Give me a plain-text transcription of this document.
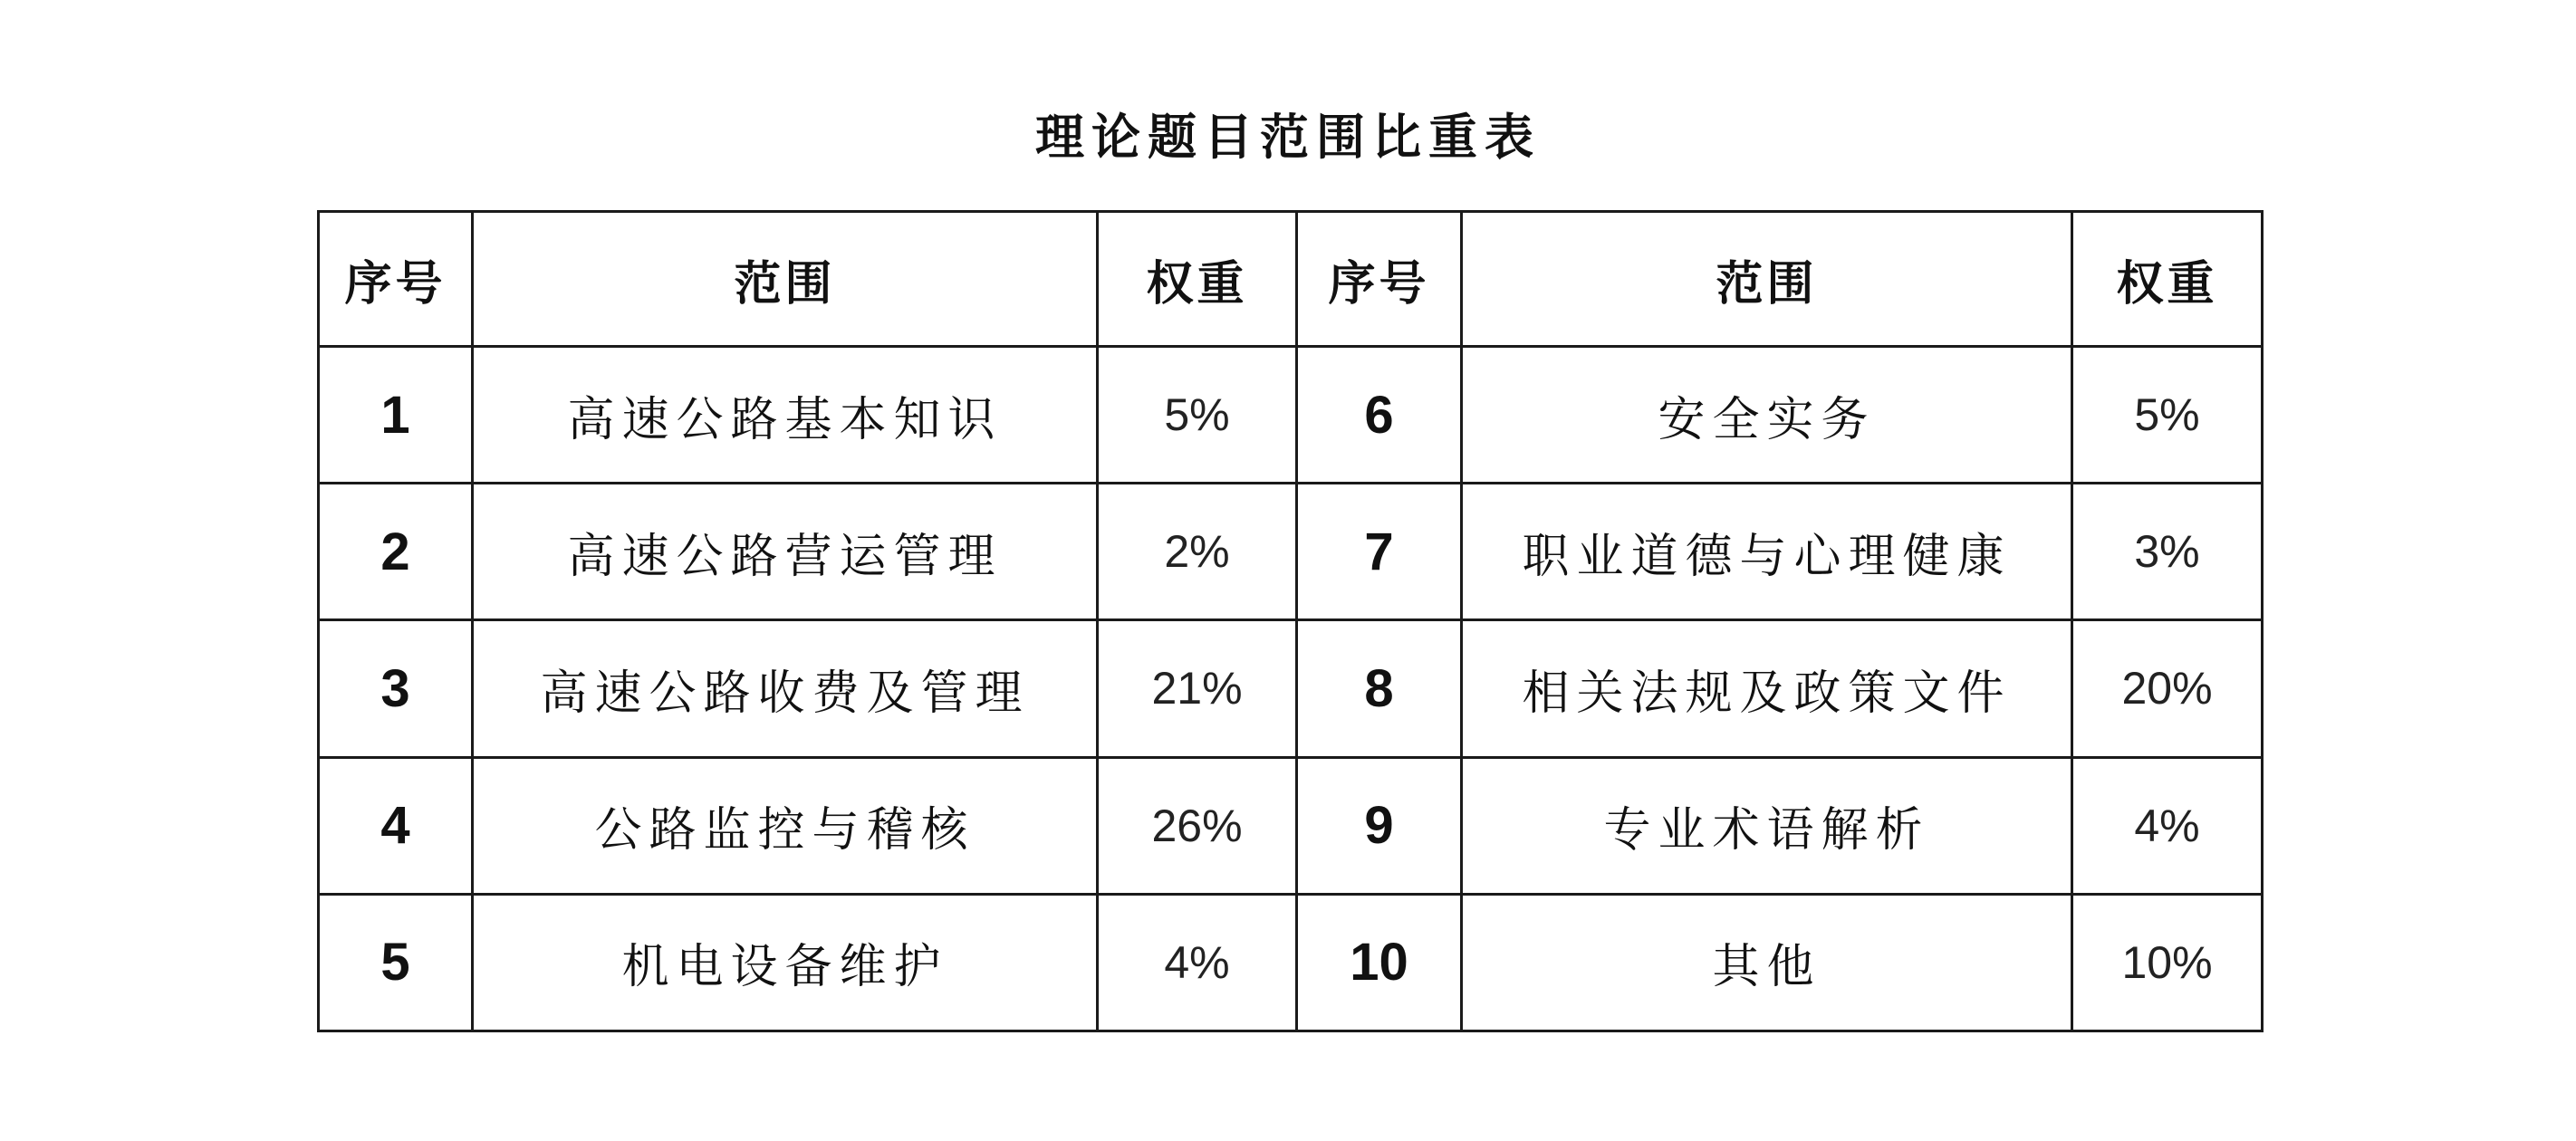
理论题目范围比重表
序号	范围	权重	序号	范围	权重
1	高速公路基本知识	5%	6	安全实务	5%
2	高速公路营运管理	2%	7	职业道德与心理健康	3%
3	高速公路收费及管理	21%	8	相关法规及政策文件	20%
4	公路监控与稽核	26%	9	专业术语解析	4%
5	机电设备维护	4%	10	其他	10%
